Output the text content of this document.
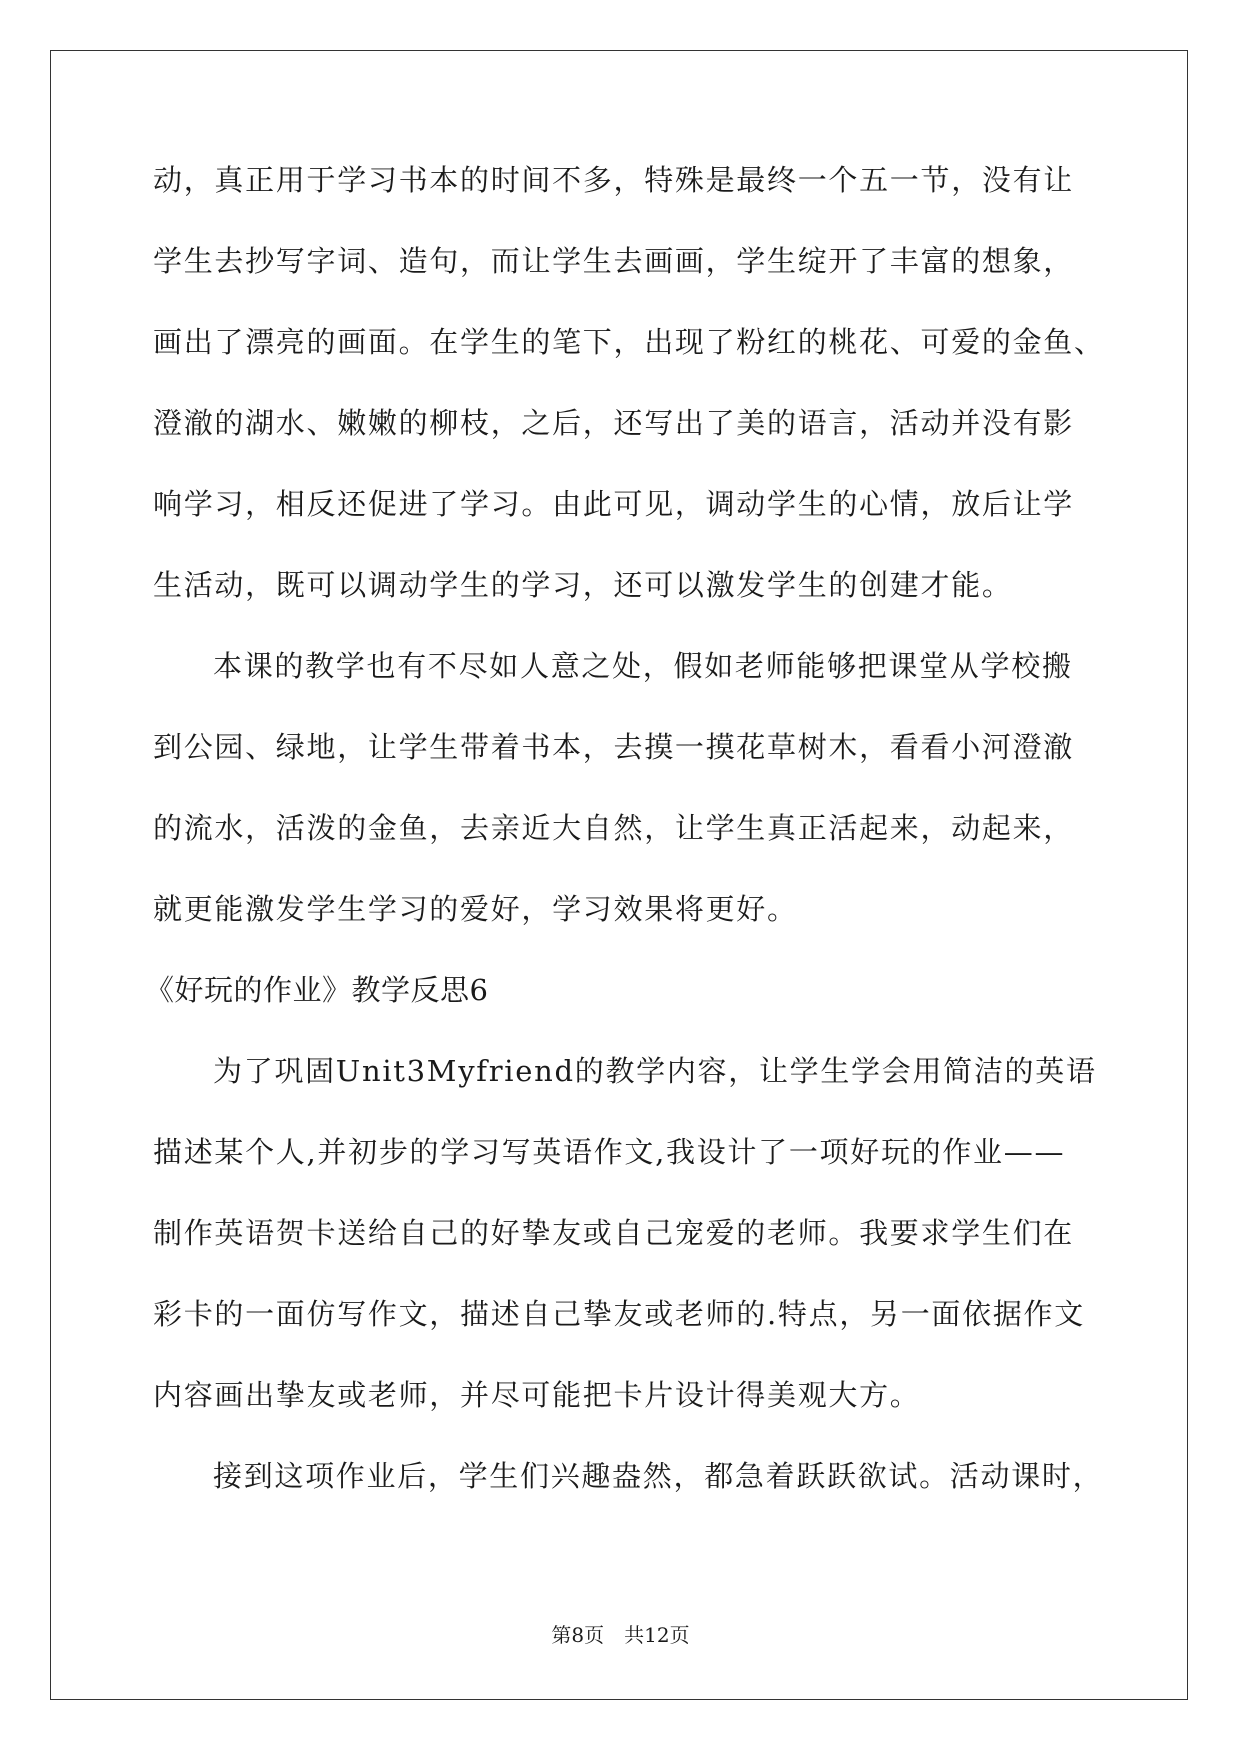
动，真正用于学习书本的时间不多，特殊是最终一个五一节，没有让
学生去抄写字词、造句，而让学生去画画，学生绽开了丰富的想象，
画出了漂亮的画面。在学生的笔下，出现了粉红的桃花、可爱的金鱼、
澄澈的湖水、嫩嫩的柳枝，之后，还写出了美的语言，活动并没有影
响学习，相反还促进了学习。由此可见，调动学生的心情，放后让学
生活动，既可以调动学生的学习，还可以激发学生的创建才能。
本课的教学也有不尽如人意之处，假如老师能够把课堂从学校搬
到公园、绿地，让学生带着书本，去摸一摸花草树木，看看小河澄澈
的流水，活泼的金鱼，去亲近大自然，让学生真正活起来，动起来，
就更能激发学生学习的爱好，学习效果将更好。
《好玩的作业》教学反思6
为了巩固Unit3Myfriend的教学内容，让学生学会用简洁的英语
描述某个人,并初步的学习写英语作文,我设计了一项好玩的作业——
制作英语贺卡送给自己的好挚友或自己宠爱的老师。我要求学生们在
彩卡的一面仿写作文，描述自己挚友或老师的.特点，另一面依据作文
内容画出挚友或老师，并尽可能把卡片设计得美观大方。
接到这项作业后，学生们兴趣盎然，都急着跃跃欲试。活动课时，
第8页　共12页
